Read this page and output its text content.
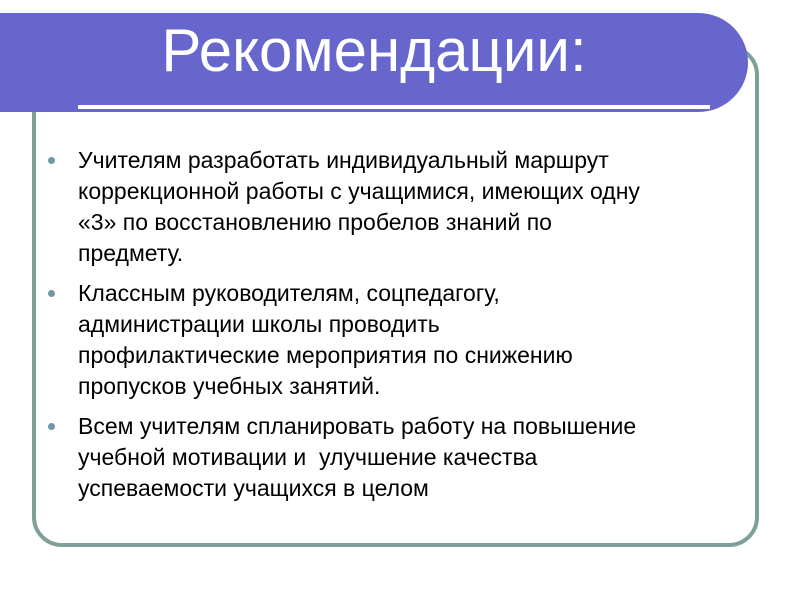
Рекомендации:
Учителям разработать индивидуальный маршрут
коррекционной работы с учащимися, имеющих одну
«3» по восстановлению пробелов знаний по
предмету.
Классным руководителям, соцпедагогу,
администрации школы проводить
профилактические мероприятия по снижению
пропусков учебных занятий.
Всем учителям спланировать работу на повышение
учебной мотивации и  улучшение качества
успеваемости учащихся в целом
